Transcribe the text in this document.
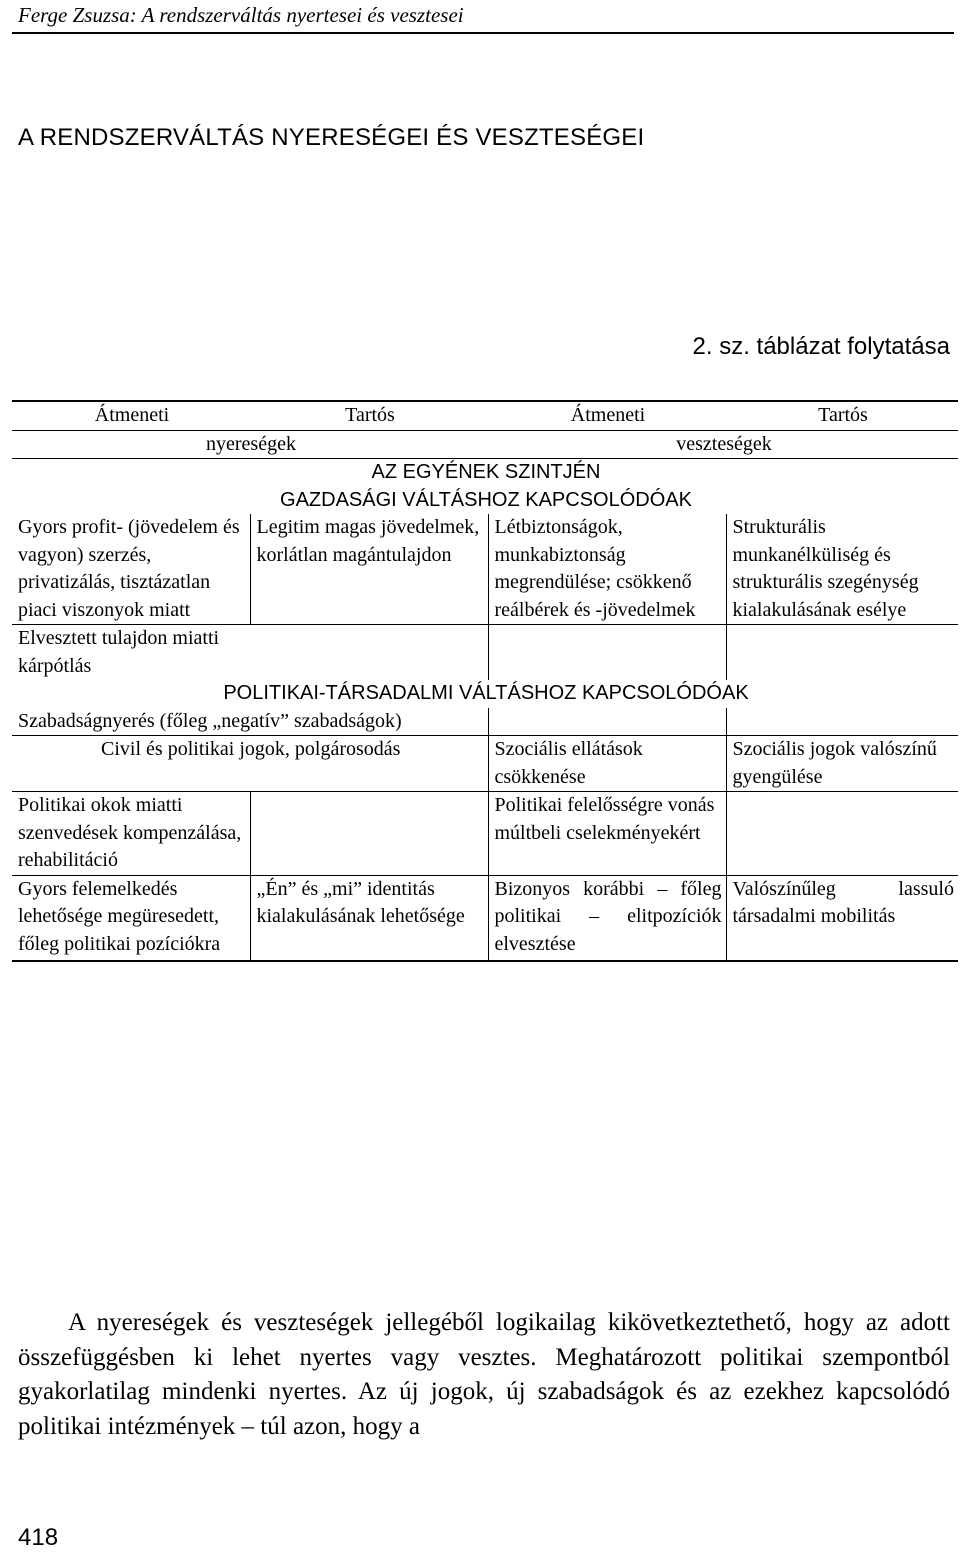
Ferge Zsuzsa: A rendszerváltás nyertesei és vesztesei
A RENDSZERVÁLTÁS NYERESÉGEI ÉS VESZTESÉGEI
2. sz. táblázat folytatása
Átmeneti	Tartós	Átmeneti	Tartós
nyereségek		veszteségek	
AZ EGYÉNEK SZINTJÉN			
GAZDASÁGI VÁLTÁSHOZ KAPCSOLÓDÓAK			
Gyors profit- (jövedelem és vagyon) szerzés, privatizálás, tisztázatlan piaci viszonyok miatt	Legitim magas jövedelmek, korlátlan magántulajdon	Létbiztonságok, munkabiztonság megrendülése; csökkenő reálbérek és -jövedelmek	Strukturális munkanélküliség és strukturális szegénység kialakulásának esélye
Elvesztett tulajdon miatti kárpótlás			
POLITIKAI-TÁRSADALMI VÁLTÁSHOZ KAPCSOLÓDÓAK			
Szabadságnyerés (főleg „negatív” szabadságok)			
Civil és politikai jogok, polgárosodás		Szociális ellátások csökkenése	Szociális jogok valószínű gyengülése
Politikai okok miatti szenvedések kompenzálása, rehabilitáció		Politikai felelősségre vonás múltbeli cselekményekért	
Gyors felemelkedés lehetősége megüresedett, főleg politikai pozíciókra	„Én” és „mi” identitás kialakulásának lehetősége	Bizonyos korábbi – főleg politikai – elitpozíciók elvesztése	Valószínűleg lassuló társadalmi mobilitás

A nyereségek és veszteségek jellegéből logikailag kikövetkeztethető, hogy az adott összefüggésben ki lehet nyertes vagy vesztes. Meghatározott politikai szempontból gyakorlatilag mindenki nyertes. Az új jogok, új szabadságok és az ezekhez kapcsolódó politikai intézmények – túl azon, hogy a

418
